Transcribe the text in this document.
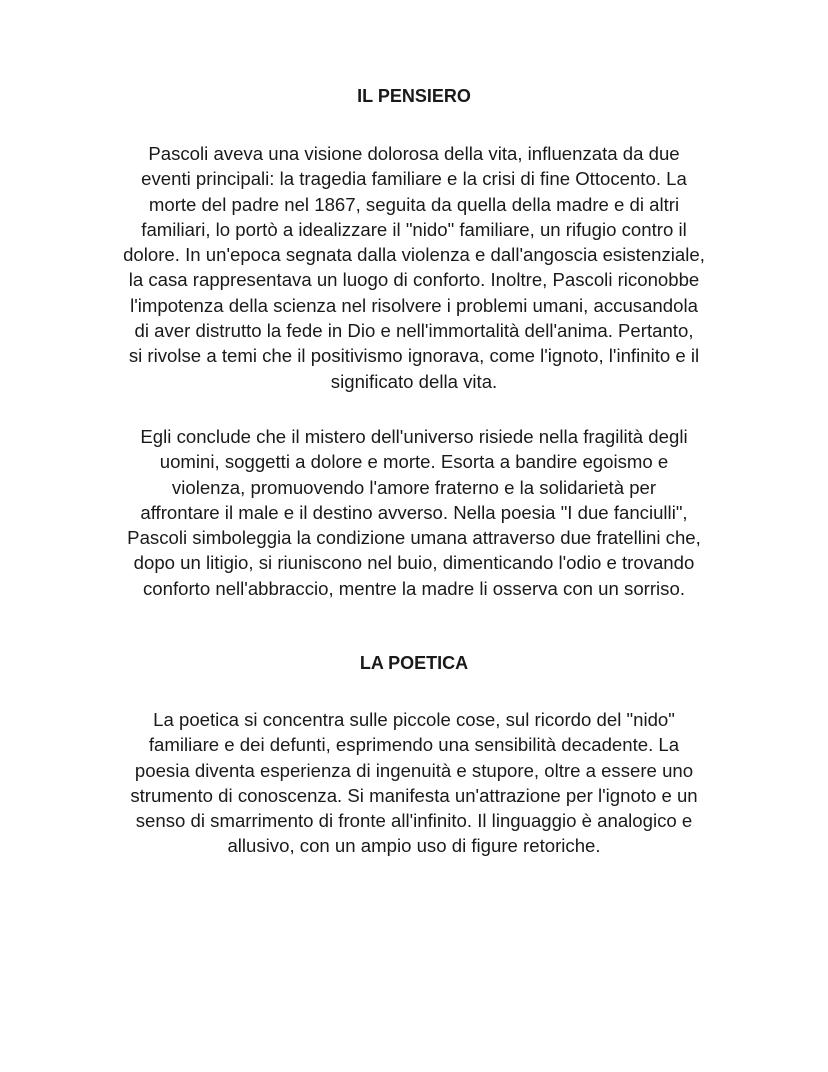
IL PENSIERO
Pascoli aveva una visione dolorosa della vita, influenzata da due
eventi principali: la tragedia familiare e la crisi di fine Ottocento. La
morte del padre nel 1867, seguita da quella della madre e di altri
familiari, lo portò a idealizzare il "nido" familiare, un rifugio contro il
dolore. In un'epoca segnata dalla violenza e dall'angoscia esistenziale,
la casa rappresentava un luogo di conforto. Inoltre, Pascoli riconobbe
l'impotenza della scienza nel risolvere i problemi umani, accusandola
di aver distrutto la fede in Dio e nell'immortalità dell'anima. Pertanto,
si rivolse a temi che il positivismo ignorava, come l'ignoto, l'infinito e il
significato della vita.
Egli conclude che il mistero dell'universo risiede nella fragilità degli
uomini, soggetti a dolore e morte. Esorta a bandire egoismo e
violenza, promuovendo l'amore fraterno e la solidarietà per
affrontare il male e il destino avverso. Nella poesia "I due fanciulli",
Pascoli simboleggia la condizione umana attraverso due fratellini che,
dopo un litigio, si riuniscono nel buio, dimenticando l'odio e trovando
conforto nell'abbraccio, mentre la madre li osserva con un sorriso.
LA POETICA
La poetica si concentra sulle piccole cose, sul ricordo del "nido"
familiare e dei defunti, esprimendo una sensibilità decadente. La
poesia diventa esperienza di ingenuità e stupore, oltre a essere uno
strumento di conoscenza. Si manifesta un'attrazione per l'ignoto e un
senso di smarrimento di fronte all'infinito. Il linguaggio è analogico e
allusivo, con un ampio uso di figure retoriche.
